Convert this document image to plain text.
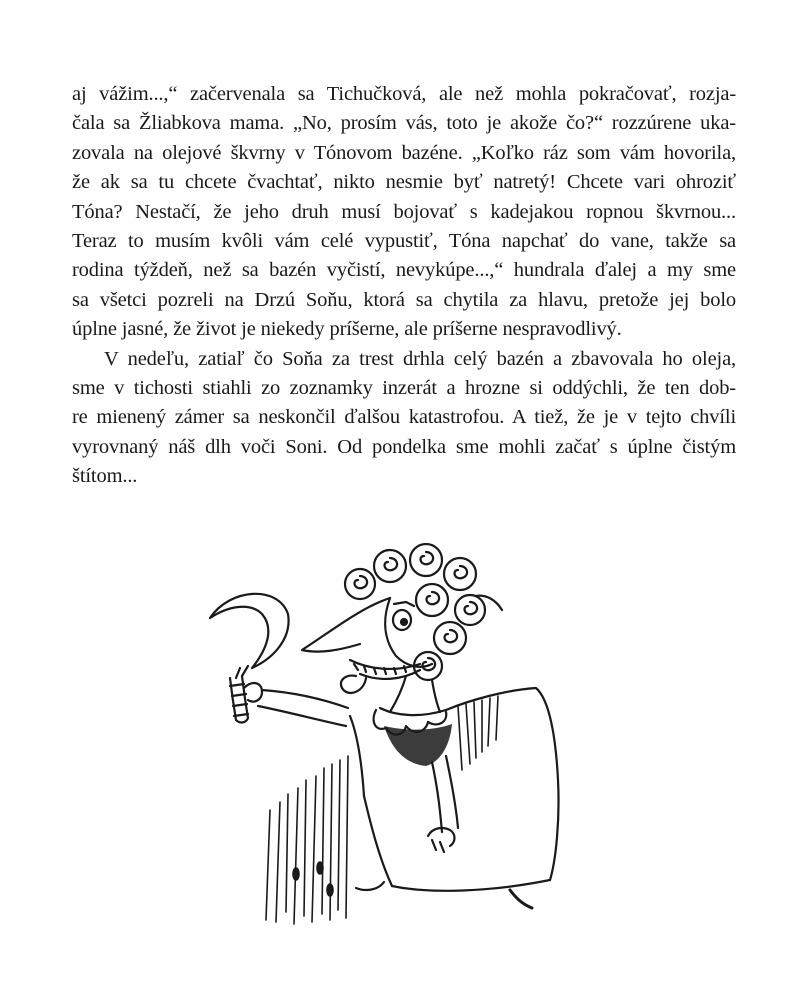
aj vážim...,“ začervenala sa Tichučková, ale než mohla pokračovať, rozja-
čala sa Žliabkova mama. „No, prosím vás, toto je akože čo?“ rozzúrene uka-
zovala na olejové škvrny v Tónovom bazéne. „Koľko ráz som vám hovorila,
že ak sa tu chcete čvachtať, nikto nesmie byť natretý! Chcete vari ohroziť
Tóna? Nestačí, že jeho druh musí bojovať s kadejakou ropnou škvrnou...
Teraz to musím kvôli vám celé vypustiť, Tóna napchať do vane, takže sa
rodina týždeň, než sa bazén vyčistí, nevykúpe...,“ hundrala ďalej a my sme
sa všetci pozreli na Drzú Soňu, ktorá sa chytila za hlavu, pretože jej bolo
úplne jasné, že život je niekedy príšerne, ale príšerne nespravodlivý.

V nedeľu, zatiaľ čo Soňa za trest drhla celý bazén a zbavovala ho oleja,
sme v tichosti stiahli zo zoznamky inzerát a hrozne si oddýchli, že ten dob-
re mienený zámer sa neskončil ďalšou katastrofou. A tiež, že je v tejto chvíli
vyrovnaný náš dlh voči Soni. Od pondelka sme mohli začať s úplne čistým
štítom...
